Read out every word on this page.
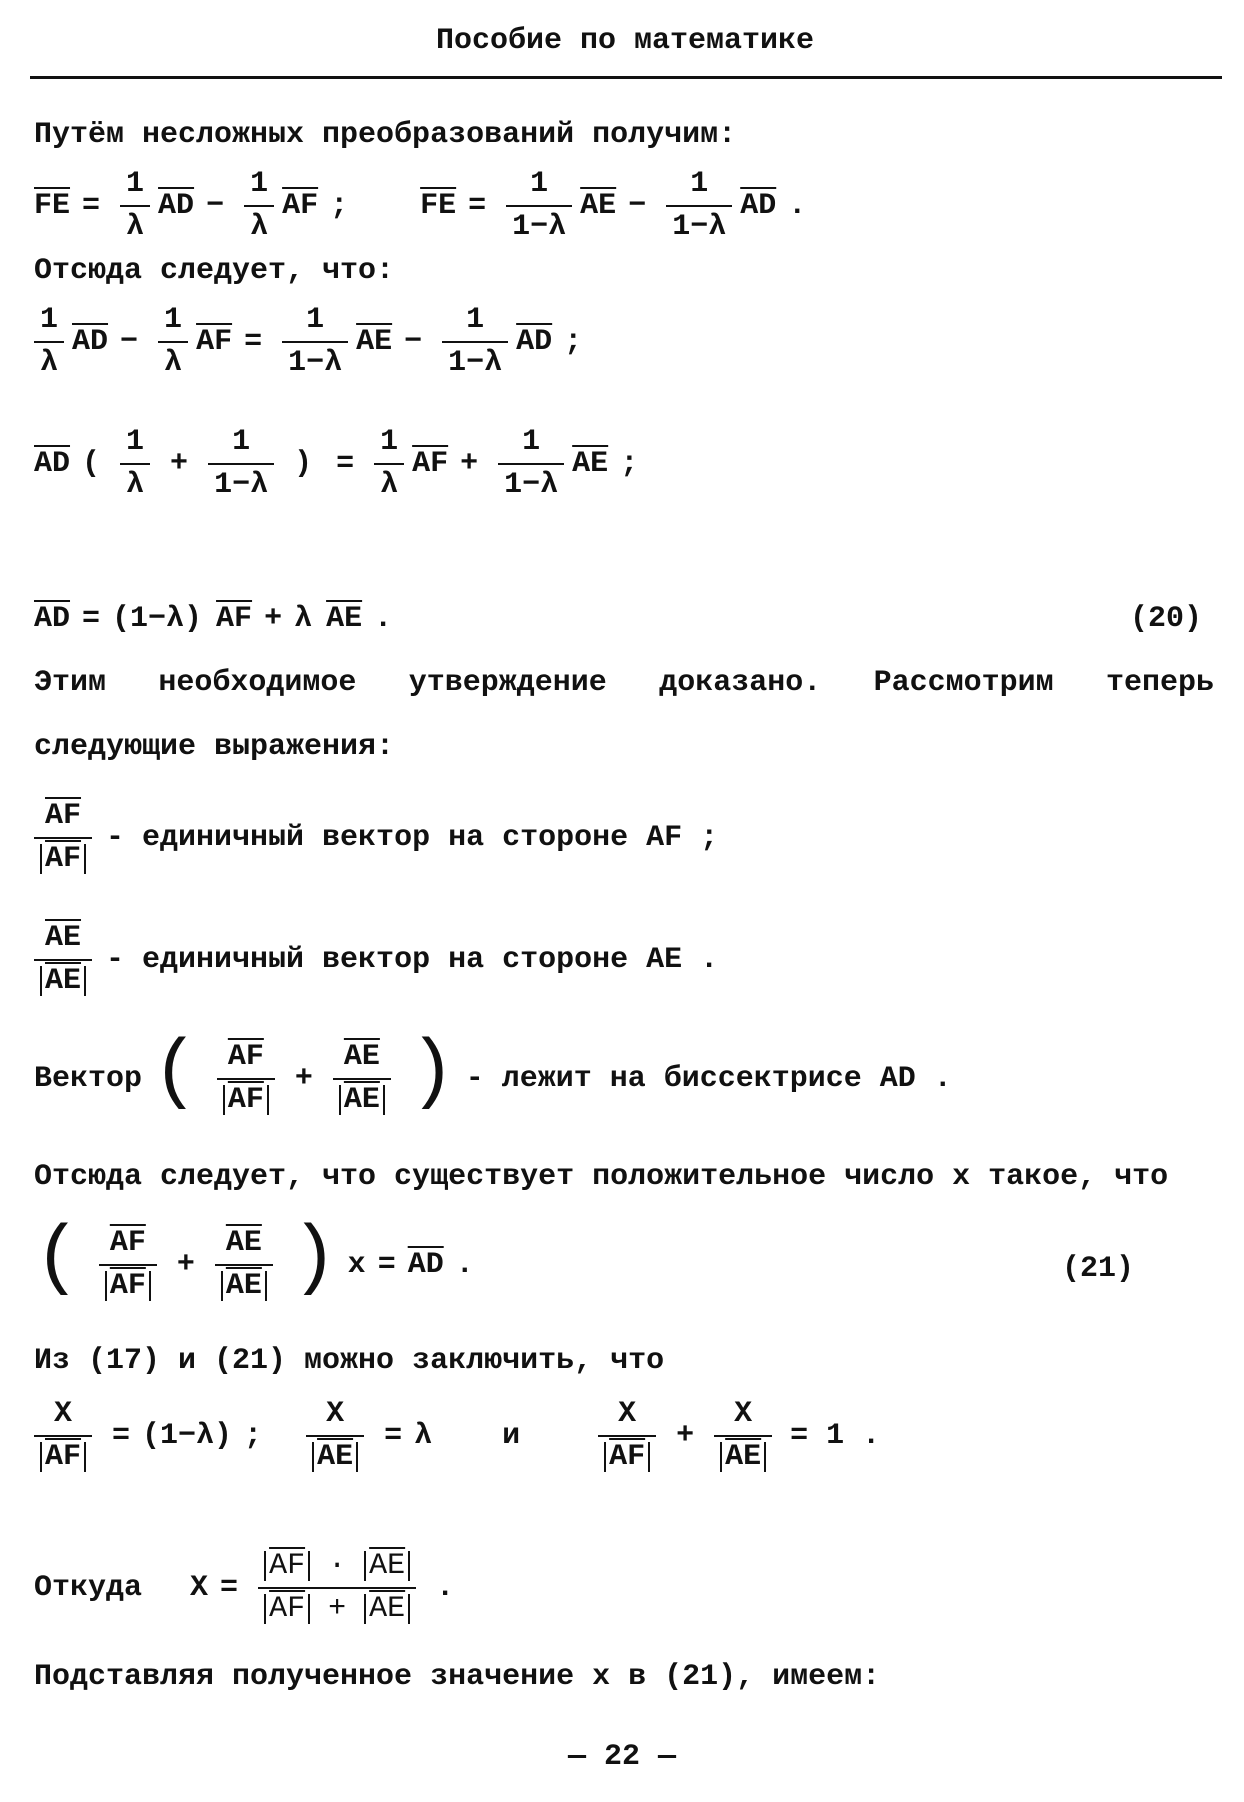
Пособие по математике
Путём несложных преобразований получим:
$\overline{FE} = \frac{1}{\lambda} \overline{AD} - \frac{1}{\lambda} \overline{AF}$ ; $\overline{FE} = \frac{1}{1-\lambda} \overline{AE} - \frac{1}{1-\lambda} \overline{AD}$ .
Отсюда следует, что:
$\frac{1}{\lambda} \overline{AD} - \frac{1}{\lambda} \overline{AF} = \frac{1}{1-\lambda} \overline{AE} - \frac{1}{1-\lambda} \overline{AD}$ ;
$\overline{AD}$ ( $\frac{1}{\lambda} + \frac{1}{1-\lambda}$ ) = $\frac{1}{\lambda} \overline{AF} + \frac{1}{1-\lambda} \overline{AE}$ ;
$\overline{AD} = (1-\lambda) \overline{AF} + \lambda$ $\overline{AE}$ .	(20)
Этим необходимое утверждение доказано. Рассмотрим теперь
следующие выражения:
$\frac{\overline{AF}}{AF}$ - единичный вектор на стороне AF ;
$\frac{\overline{AE}}{AE}$ - единичный вектор на стороне AE .
Вектор ( $\frac{\overline{AF}}{AF} + \frac{\overline{AE}}{AE}$ ) - лежит на биссектрисе AD .
Отсюда следует, что существует положительное число x такое, что
( $\frac{\overline{AF}}{AF} + \frac{\overline{AE}}{AE}$ ) $x = \overline{AD}$ .	(21)
Из (17) и (21) можно заключить, что
$\frac{X}{AF} = (1-\lambda)$ ; $\frac{X}{AE} = \lambda$ и	$\frac{X}{AF} + \frac{X}{AE} = 1$ .
Откуда $X = \frac{\overline{AF} \cdot \overline{AE}}{\overline{AF} + \overline{AE}}$ .
Подставляя полученное значение x в (21), имеем:
— 22 —
